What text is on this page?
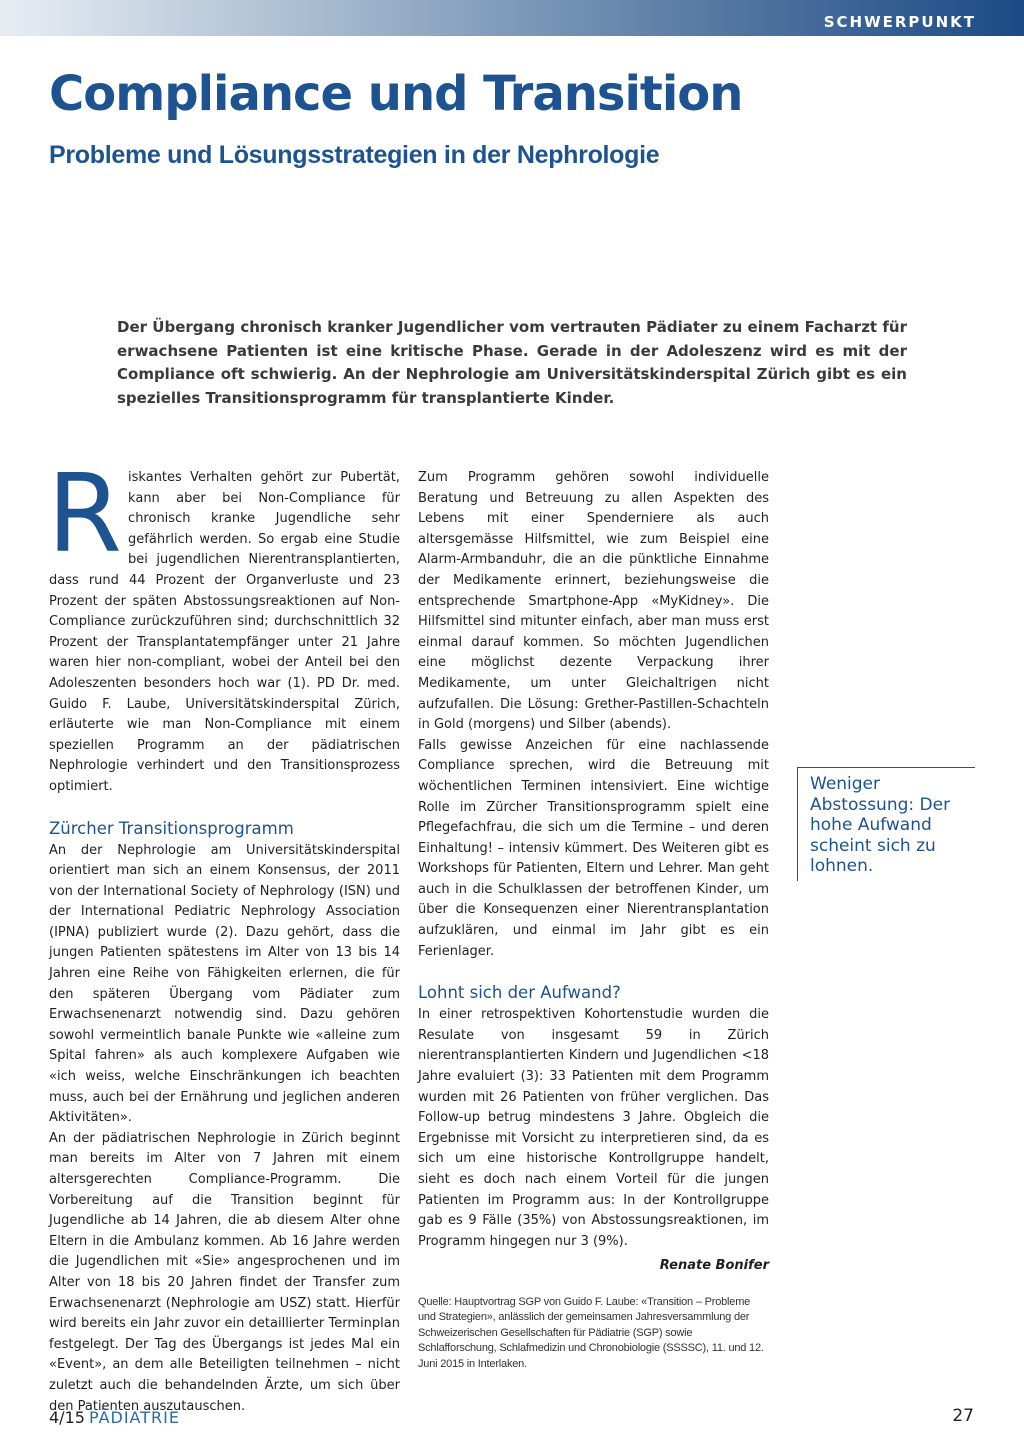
SCHWERPUNKT
Compliance und Transition
Probleme und Lösungsstrategien in der Nephrologie
Der Übergang chronisch kranker Jugendlicher vom vertrauten Pädiater zu einem Facharzt für erwachsene Patienten ist eine kritische Phase. Gerade in der Adoleszenz wird es mit der Compliance oft schwierig. An der Nephrologie am Universitätskinderspital Zürich gibt es ein spezielles Transitionsprogramm für transplantierte Kinder.

Riskantes Verhalten gehört zur Pubertät, kann aber bei Non-Compliance für chronisch kranke Jugendliche sehr gefährlich werden. So ergab eine Studie bei jugendlichen Nierentransplantierten, dass rund 44 Prozent der Organverluste und 23 Prozent der späten Abstossungsreaktionen auf Non-Compliance zurückzuführen sind; durchschnittlich 32 Prozent der Transplantatempfänger unter 21 Jahre waren hier non-compliant, wobei der Anteil bei den Adoleszenten besonders hoch war (1). PD Dr. med. Guido F. Laube, Universitätskinderspital Zürich, erläuterte wie man Non-Compliance mit einem speziellen Programm an der pädiatrischen Nephrologie verhindert und den Transitionsprozess optimiert.

Zürcher Transitionsprogramm

An der Nephrologie am Universitätskinderspital orientiert man sich an einem Konsensus, der 2011 von der International Society of Nephrology (ISN) und der International Pediatric Nephrology Association (IPNA) publiziert wurde (2). Dazu gehört, dass die jungen Patienten spätestens im Alter von 13 bis 14 Jahren eine Reihe von Fähigkeiten erlernen, die für den späteren Übergang vom Pädiater zum Erwachsenenarzt notwendig sind. Dazu gehören sowohl vermeintlich banale Punkte wie «alleine zum Spital fahren» als auch komplexere Aufgaben wie «ich weiss, welche Einschränkungen ich beachten muss, auch bei der Ernährung und jeglichen anderen Aktivitäten».

An der pädiatrischen Nephrologie in Zürich beginnt man bereits im Alter von 7 Jahren mit einem altersgerechten Compliance-Programm. Die Vorbereitung auf die Transition beginnt für Jugendliche ab 14 Jahren, die ab diesem Alter ohne Eltern in die Ambulanz kommen. Ab 16 Jahre werden die Jugendlichen mit «Sie» angesprochenen und im Alter von 18 bis 20 Jahren findet der Transfer zum Erwachsenenarzt (Nephrologie am USZ) statt. Hierfür wird bereits ein Jahr zuvor ein detaillierter Terminplan festgelegt. Der Tag des Übergangs ist jedes Mal ein «Event», an dem alle Beteiligten teilnehmen – nicht zuletzt auch die behandelnden Ärzte, um sich über den Patienten auszutauschen.

Zum Programm gehören sowohl individuelle Beratung und Betreuung zu allen Aspekten des Lebens mit einer Spenderniere als auch altersgemässe Hilfsmittel, wie zum Beispiel eine Alarm-Armbanduhr, die an die pünktliche Einnahme der Medikamente erinnert, beziehungsweise die entsprechende Smartphone-App «MyKidney». Die Hilfsmittel sind mitunter einfach, aber man muss erst einmal darauf kommen. So möchten Jugendlichen eine möglichst dezente Verpackung ihrer Medikamente, um unter Gleichaltrigen nicht aufzufallen. Die Lösung: Grether-Pastillen-Schachteln in Gold (morgens) und Silber (abends).

Falls gewisse Anzeichen für eine nachlassende Compliance sprechen, wird die Betreuung mit wöchentlichen Terminen intensiviert. Eine wichtige Rolle im Zürcher Transitionsprogramm spielt eine Pflegefachfrau, die sich um die Termine – und deren Einhaltung! – intensiv kümmert. Des Weiteren gibt es Workshops für Patienten, Eltern und Lehrer. Man geht auch in die Schulklassen der betroffenen Kinder, um über die Konsequenzen einer Nierentransplantation aufzuklären, und einmal im Jahr gibt es ein Ferienlager.

Lohnt sich der Aufwand?

In einer retrospektiven Kohortenstudie wurden die Resulate von insgesamt 59 in Zürich nierentransplantierten Kindern und Jugendlichen <18 Jahre evaluiert (3): 33 Patienten mit dem Programm wurden mit 26 Patienten von früher verglichen. Das Follow-up betrug mindestens 3 Jahre. Obgleich die Ergebnisse mit Vorsicht zu interpretieren sind, da es sich um eine historische Kontrollgruppe handelt, sieht es doch nach einem Vorteil für die jungen Patienten im Programm aus: In der Kontrollgruppe gab es 9 Fälle (35%) von Abstossungsreaktionen, im Programm hingegen nur 3 (9%).

Renate Bonifer

Quelle: Hauptvortrag SGP von Guido F. Laube: «Transition – Probleme und Strategien», anlässlich der gemeinsamen Jahresversammlung der Schweizerischen Gesellschaften für Pädiatrie (SGP) sowie Schlafforschung, Schlafmedizin und Chronobiologie (SSSSC), 11. und 12. Juni 2015 in Interlaken.

Weniger Abstossung: Der hohe Aufwand scheint sich zu lohnen.
4/15 PÄDIATRIE	27
